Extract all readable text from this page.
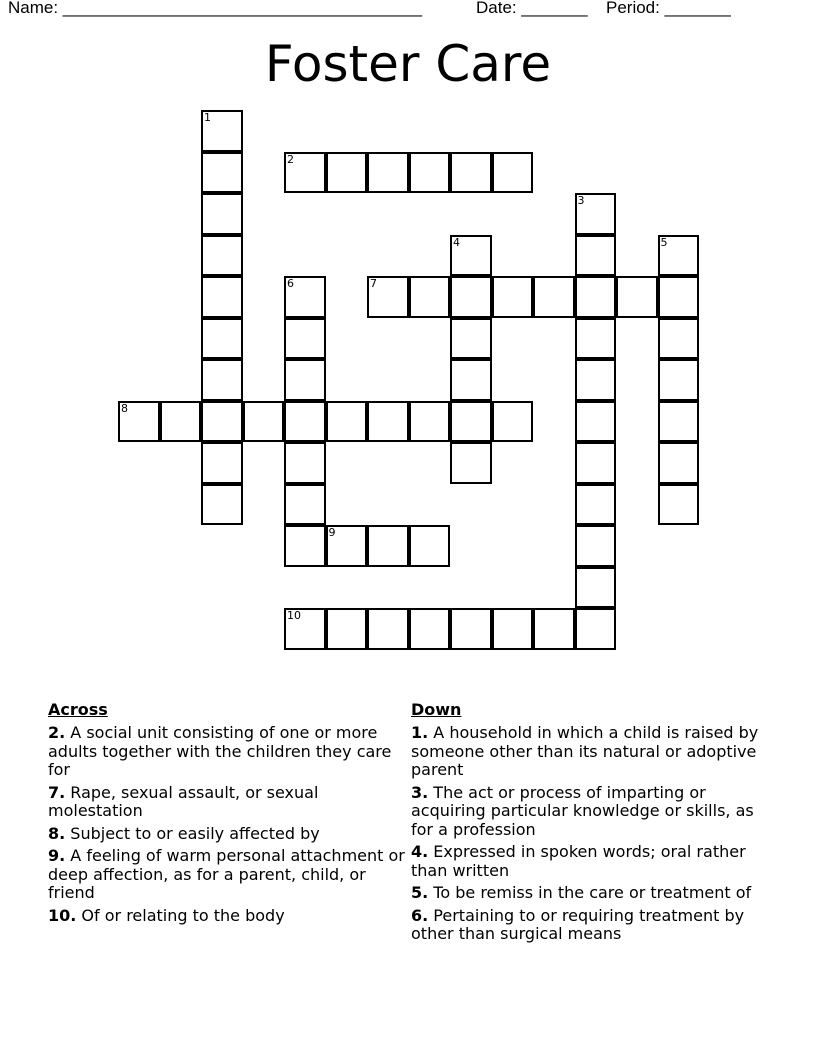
Name: ______________________________________	Date: _______ Period: _______
Foster Care
1
2
3
4	5
6	7
8
9
10
Across
2. A social unit consisting of one or more adults together with the children they care for
7. Rape, sexual assault, or sexual molestation
8. Subject to or easily affected by
9. A feeling of warm personal attachment or deep affection, as for a parent, child, or friend
10. Of or relating to the body
Down
1. A household in which a child is raised by someone other than its natural or adoptive parent
3. The act or process of imparting or acquiring particular knowledge or skills, as for a profession
4. Expressed in spoken words; oral rather than written
5. To be remiss in the care or treatment of
6. Pertaining to or requiring treatment by other than surgical means
